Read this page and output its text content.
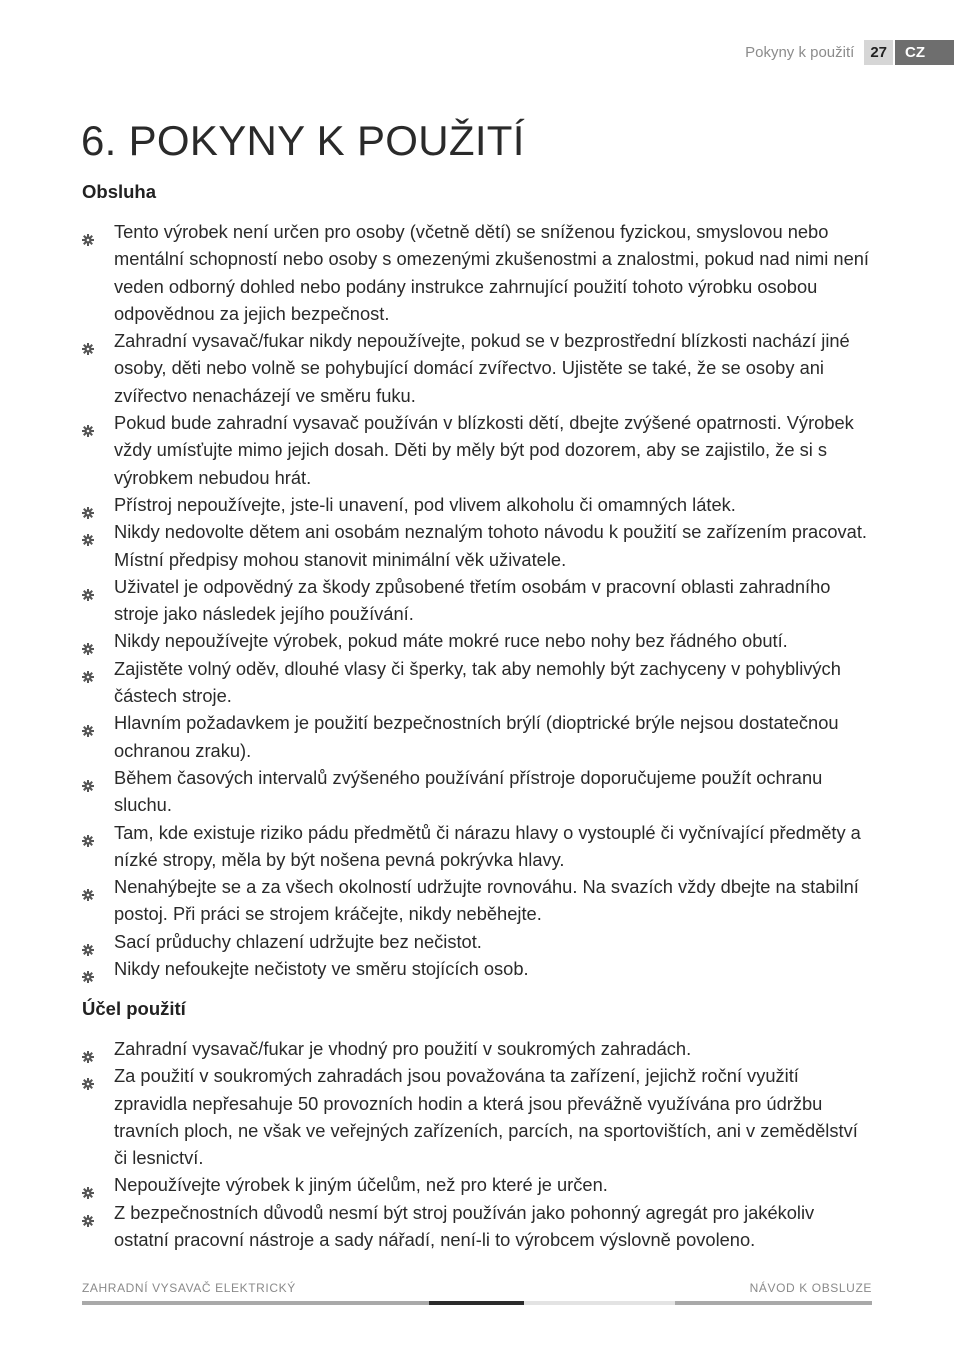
Pokyny k použití	27	CZ
6. POKYNY K POUŽITÍ
Obsluha
Tento výrobek není určen pro osoby (včetně dětí) se sníženou fyzickou, smyslovou nebo mentální schopností nebo osoby s omezenými zkušenostmi a znalostmi, pokud nad nimi není veden odborný dohled nebo podány instrukce zahrnující použití tohoto výrobku osobou odpovědnou za jejich bezpečnost.
Zahradní vysavač/fukar nikdy nepoužívejte, pokud se v bezprostřední blízkosti nachází jiné osoby, děti nebo volně se pohybující domácí zvířectvo. Ujistěte se také, že se osoby ani zvířectvo nenacházejí ve směru fuku.
Pokud bude zahradní vysavač používán v blízkosti dětí, dbejte zvýšené opatrnosti. Výrobek vždy umísťujte mimo jejich dosah. Děti by měly být pod dozorem, aby se zajistilo, že si s výrobkem nebudou hrát.
Přístroj nepoužívejte, jste-li unavení, pod vlivem alkoholu či omamných látek.
Nikdy nedovolte dětem ani osobám neznalým tohoto návodu k použití se zařízením pracovat. Místní předpisy mohou stanovit minimální věk uživatele.
Uživatel je odpovědný za škody způsobené třetím osobám v pracovní oblasti zahradního stroje jako následek jejího používání.
Nikdy nepoužívejte výrobek, pokud máte mokré ruce nebo nohy bez řádného obutí.
Zajistěte volný oděv, dlouhé vlasy či šperky, tak aby nemohly být zachyceny v pohyblivých částech stroje.
Hlavním požadavkem je použití bezpečnostních brýlí (dioptrické brýle nejsou dostatečnou ochranou zraku).
Během časových intervalů zvýšeného používání přístroje doporučujeme použít ochranu sluchu.
Tam, kde existuje riziko pádu předmětů či nárazu hlavy o vystouplé či vyčnívající předměty a nízké stropy, měla by být nošena pevná pokrývka hlavy.
Nenahýbejte se a za všech okolností udržujte rovnováhu. Na svazích vždy dbejte na stabilní postoj. Při práci se strojem kráčejte, nikdy neběhejte.
Sací průduchy chlazení udržujte bez nečistot.
Nikdy nefoukejte nečistoty ve směru stojících osob.
Účel použití
Zahradní vysavač/fukar je vhodný pro použití v soukromých zahradách.
Za použití v soukromých zahradách jsou považována ta zařízení, jejichž roční využití zpravidla nepřesahuje 50 provozních hodin a která jsou převážně využívána pro údržbu travních ploch, ne však ve veřejných zařízeních, parcích, na sportovištích, ani v zemědělství či lesnictví.
Nepoužívejte výrobek k jiným účelům, než pro které je určen.
Z bezpečnostních důvodů nesmí být stroj používán jako pohonný agregát pro jakékoliv ostatní pracovní nástroje a sady nářadí, není-li to výrobcem výslovně povoleno.
ZAHRADNÍ VYSAVAČ ELEKTRICKÝ	NÁVOD K OBSLUZE
